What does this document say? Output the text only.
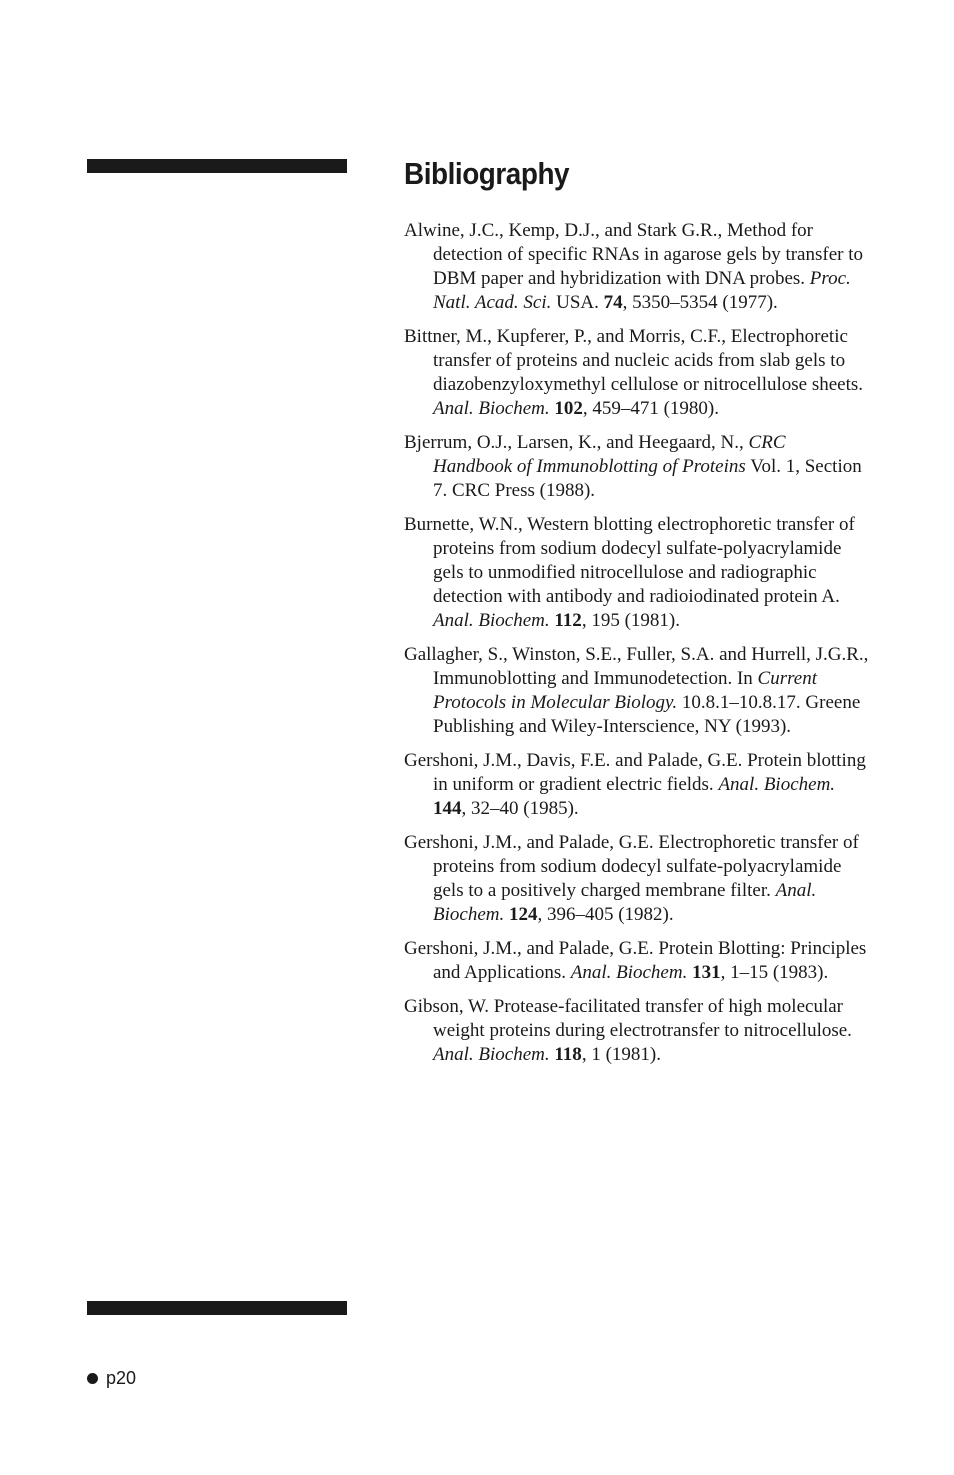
Bibliography
Alwine, J.C., Kemp, D.J., and Stark G.R., Method for detection of specific RNAs in agarose gels by transfer to DBM paper and hybridization with DNA probes. Proc. Natl. Acad. Sci. USA. 74, 5350–5354 (1977).
Bittner, M., Kupferer, P., and Morris, C.F., Electrophoretic transfer of proteins and nucleic acids from slab gels to diazobenzyloxymethyl cellulose or nitrocellulose sheets. Anal. Biochem. 102, 459–471 (1980).
Bjerrum, O.J., Larsen, K., and Heegaard, N., CRC Handbook of Immunoblotting of Proteins Vol. 1, Section 7. CRC Press (1988).
Burnette, W.N., Western blotting electrophoretic transfer of proteins from sodium dodecyl sulfate-polyacrylamide gels to unmodified nitrocellulose and radiographic detection with antibody and radioiodinated protein A. Anal. Biochem. 112, 195 (1981).
Gallagher, S., Winston, S.E., Fuller, S.A. and Hurrell, J.G.R., Immunoblotting and Immunodetection. In Current Protocols in Molecular Biology. 10.8.1–10.8.17. Greene Publishing and Wiley-Interscience, NY (1993).
Gershoni, J.M., Davis, F.E. and Palade, G.E. Protein blotting in uniform or gradient electric fields. Anal. Biochem. 144, 32–40 (1985).
Gershoni, J.M., and Palade, G.E. Electrophoretic transfer of proteins from sodium dodecyl sulfate-polyacrylamide gels to a positively charged membrane filter. Anal. Biochem. 124, 396–405 (1982).
Gershoni, J.M., and Palade, G.E. Protein Blotting: Principles and Applications. Anal. Biochem. 131, 1–15 (1983).
Gibson, W. Protease-facilitated transfer of high molecular weight proteins during electrotransfer to nitrocellulose. Anal. Biochem. 118, 1 (1981).
p20
